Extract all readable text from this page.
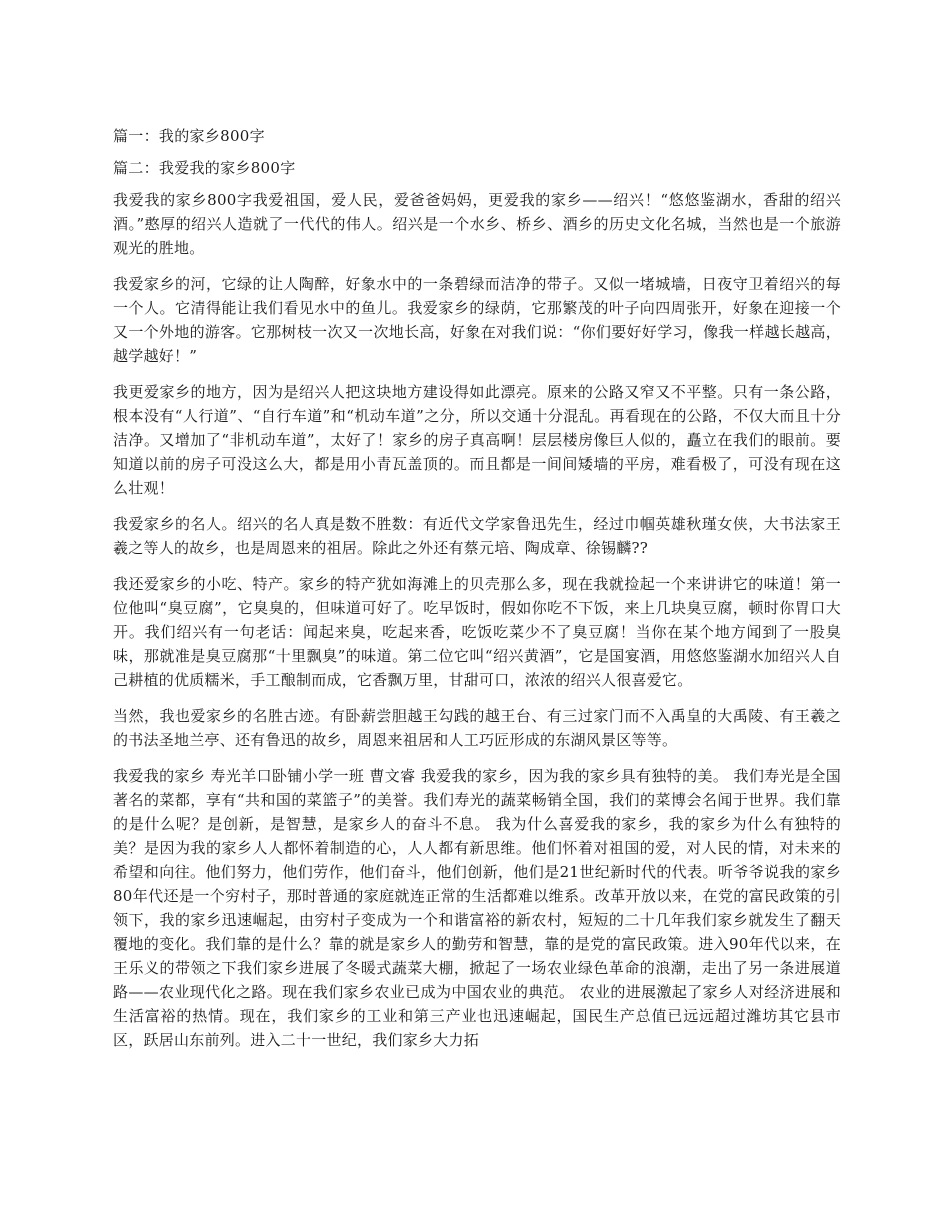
篇一：我的家乡800字

篇二：我爱我的家乡800字

我爱我的家乡800字我爱祖国，爱人民，爱爸爸妈妈，更爱我的家乡——绍兴！“悠悠鉴湖水，香甜的绍兴酒。”憨厚的绍兴人造就了一代代的伟人。绍兴是一个水乡、桥乡、酒乡的历史文化名城，当然也是一个旅游观光的胜地。

我爱家乡的河，它绿的让人陶醉，好象水中的一条碧绿而洁净的带子。又似一堵城墙，日夜守卫着绍兴的每一个人。它清得能让我们看见水中的鱼儿。我爱家乡的绿荫，它那繁茂的叶子向四周张开，好象在迎接一个又一个外地的游客。它那树枝一次又一次地长高，好象在对我们说：“你们要好好学习，像我一样越长越高，越学越好！”

我更爱家乡的地方，因为是绍兴人把这块地方建设得如此漂亮。原来的公路又窄又不平整。只有一条公路，根本没有“人行道”、“自行车道”和“机动车道”之分，所以交通十分混乱。再看现在的公路，不仅大而且十分洁净。又增加了“非机动车道”，太好了！家乡的房子真高啊！层层楼房像巨人似的，矗立在我们的眼前。要知道以前的房子可没这么大，都是用小青瓦盖顶的。而且都是一间间矮墙的平房，难看极了，可没有现在这么壮观！

我爱家乡的名人。绍兴的名人真是数不胜数：有近代文学家鲁迅先生，经过巾帼英雄秋瑾女侠，大书法家王羲之等人的故乡，也是周恩来的祖居。除此之外还有蔡元培、陶成章、徐锡麟??

我还爱家乡的小吃、特产。家乡的特产犹如海滩上的贝壳那么多，现在我就捡起一个来讲讲它的味道！第一位他叫“臭豆腐”，它臭臭的，但味道可好了。吃早饭时，假如你吃不下饭，来上几块臭豆腐，顿时你胃口大开。我们绍兴有一句老话：闻起来臭，吃起来香，吃饭吃菜少不了臭豆腐！当你在某个地方闻到了一股臭味，那就准是臭豆腐那“十里飘臭”的味道。第二位它叫“绍兴黄酒”，它是国宴酒，用悠悠鉴湖水加绍兴人自己耕植的优质糯米，手工酿制而成，它香飘万里，甘甜可口，浓浓的绍兴人很喜爱它。

当然，我也爱家乡的名胜古迹。有卧薪尝胆越王勾践的越王台、有三过家门而不入禹皇的大禹陵、有王羲之的书法圣地兰亭、还有鲁迅的故乡，周恩来祖居和人工巧匠形成的东湖风景区等等。

我爱我的家乡 寿光羊口卧铺小学一班 曹文睿 我爱我的家乡，因为我的家乡具有独特的美。 我们寿光是全国著名的菜都，享有“共和国的菜篮子”的美誉。我们寿光的蔬菜畅销全国，我们的菜博会名闻于世界。我们靠的是什么呢？是创新，是智慧，是家乡人的奋斗不息。 我为什么喜爱我的家乡，我的家乡为什么有独特的美？是因为我的家乡人人都怀着制造的心，人人都有新思维。他们怀着对祖国的爱，对人民的情，对未来的希望和向往。他们努力，他们劳作，他们奋斗，他们创新，他们是21世纪新时代的代表。听爷爷说我的家乡80年代还是一个穷村子，那时普通的家庭就连正常的生活都难以维系。改革开放以来，在党的富民政策的引领下，我的家乡迅速崛起，由穷村子变成为一个和谐富裕的新农村，短短的二十几年我们家乡就发生了翻天覆地的变化。我们靠的是什么？靠的就是家乡人的勤劳和智慧，靠的是党的富民政策。进入90年代以来，在王乐义的带领之下我们家乡进展了冬暖式蔬菜大棚，掀起了一场农业绿色革命的浪潮，走出了另一条进展道路——农业现代化之路。现在我们家乡农业已成为中国农业的典范。 农业的进展激起了家乡人对经济进展和生活富裕的热情。现在，我们家乡的工业和第三产业也迅速崛起，国民生产总值已远远超过潍坊其它县市区，跃居山东前列。进入二十一世纪，我们家乡大力拓
